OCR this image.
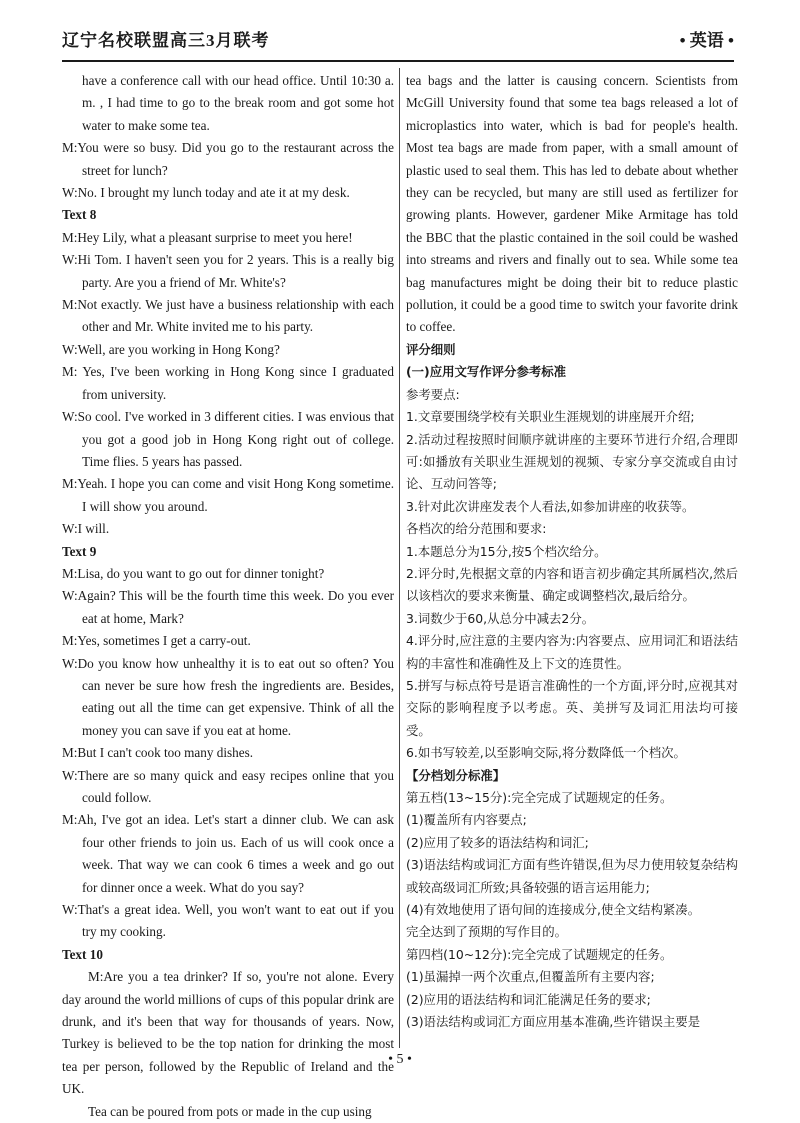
辽宁名校联盟高三3月联考	• 英语 •

have a conference call with our head office. Until 10:30 a. m. , I had time to go to the break room and got some hot water to make some tea.

M:You were so busy. Did you go to the restaurant across the street for lunch?

W:No. I brought my lunch today and ate it at my desk.

Text 8

M:Hey Lily, what a pleasant surprise to meet you here!

W:Hi Tom. I haven't seen you for 2 years. This is a really big party. Are you a friend of Mr. White's?

M:Not exactly. We just have a business relationship with each other and Mr. White invited me to his party.

W:Well, are you working in Hong Kong?

M: Yes, I've been working in Hong Kong since I graduated from university.

W:So cool. I've worked in 3 different cities. I was envious that you got a good job in Hong Kong right out of college. Time flies. 5 years has passed.

M:Yeah. I hope you can come and visit Hong Kong sometime. I will show you around.

W:I will.

Text 9

M:Lisa, do you want to go out for dinner tonight?

W:Again? This will be the fourth time this week. Do you ever eat at home, Mark?

M:Yes, sometimes I get a carry-out.

W:Do you know how unhealthy it is to eat out so often? You can never be sure how fresh the ingredients are. Besides, eating out all the time can get expensive. Think of all the money you can save if you eat at home.

M:But I can't cook too many dishes.

W:There are so many quick and easy recipes online that you could follow.

M:Ah, I've got an idea. Let's start a dinner club. We can ask four other friends to join us. Each of us will cook once a week. That way we can cook 6 times a week and go out for dinner once a week. What do you say?

W:That's a great idea. Well, you won't want to eat out if you try my cooking.

Text 10

M:Are you a tea drinker? If so, you're not alone. Every day around the world millions of cups of this popular drink are drunk, and it's been that way for thousands of years. Now, Turkey is believed to be the top nation for drinking the most tea per person, followed by the Republic of Ireland and the UK.

Tea can be poured from pots or made in the cup using

tea bags and the latter is causing concern. Scientists from McGill University found that some tea bags released a lot of microplastics into water, which is bad for people's health. Most tea bags are made from paper, with a small amount of plastic used to seal them. This has led to debate about whether they can be recycled, but many are still used as fertilizer for growing plants. However, gardener Mike Armitage has told the BBC that the plastic contained in the soil could be washed into streams and rivers and finally out to sea. While some tea bag manufactures might be doing their bit to reduce plastic pollution, it could be a good time to switch your favorite drink to coffee.

评分细则

(一)应用文写作评分参考标准

参考要点:

1.文章要围绕学校有关职业生涯规划的讲座展开介绍;

2.活动过程按照时间顺序就讲座的主要环节进行介绍,合理即可:如播放有关职业生涯规划的视频、专家分享交流或自由讨论、互动问答等;

3.针对此次讲座发表个人看法,如参加讲座的收获等。

各档次的给分范围和要求:

1.本题总分为15分,按5个档次给分。

2.评分时,先根据文章的内容和语言初步确定其所属档次,然后以该档次的要求来衡量、确定或调整档次,最后给分。

3.词数少于60,从总分中减去2分。

4.评分时,应注意的主要内容为:内容要点、应用词汇和语法结构的丰富性和准确性及上下文的连贯性。

5.拼写与标点符号是语言准确性的一个方面,评分时,应视其对交际的影响程度予以考虑。英、美拼写及词汇用法均可接受。

6.如书写较差,以至影响交际,将分数降低一个档次。

【分档划分标准】

第五档(13~15分):完全完成了试题规定的任务。

(1)覆盖所有内容要点;

(2)应用了较多的语法结构和词汇;

(3)语法结构或词汇方面有些许错误,但为尽力使用较复杂结构或较高级词汇所致;具备较强的语言运用能力;

(4)有效地使用了语句间的连接成分,使全文结构紧凑。

完全达到了预期的写作目的。

第四档(10~12分):完全完成了试题规定的任务。

(1)虽漏掉一两个次重点,但覆盖所有主要内容;

(2)应用的语法结构和词汇能满足任务的要求;

(3)语法结构或词汇方面应用基本准确,些许错误主要是

• 5 •
